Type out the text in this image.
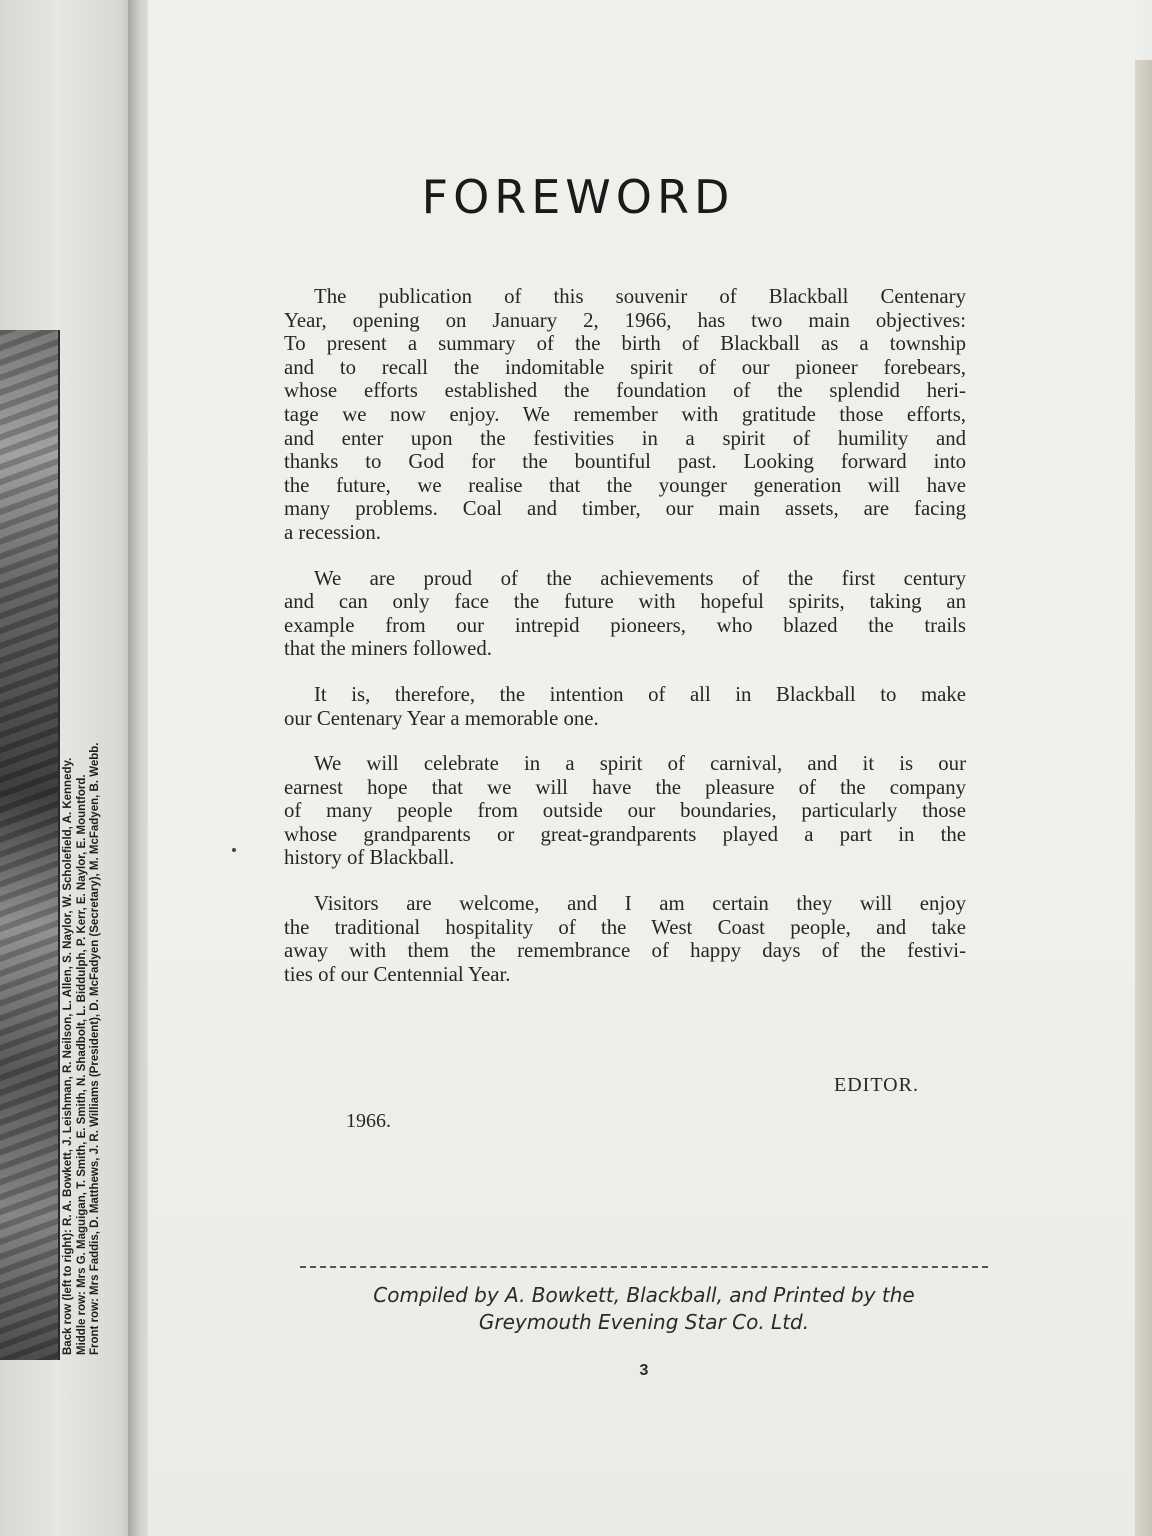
Back row (left to right): R. A. Bowkett, J. Leishman, R. Neilson, L. Allen, S. Naylor, W. Scholefield, A. Kennedy. Middle row: Mrs G. Maguigan, T. Smith, E. Smith, N. Shadbolt, L. Biddulph, P. Kerr, E. Naylor, E. Mountford. Front row: Mrs Faddis, D. Matthews, J. R. Williams (President), D. McFadyen (Secretary), M. McFadyen, B. Webb.
FOREWORD
The publication of this souvenir of Blackball Centenary
Year, opening on January 2, 1966, has two main objectives:
To present a summary of the birth of Blackball as a township
and to recall the indomitable spirit of our pioneer forebears,
whose efforts established the foundation of the splendid heri-
tage we now enjoy. We remember with gratitude those efforts,
and enter upon the festivities in a spirit of humility and
thanks to God for the bountiful past. Looking forward into
the future, we realise that the younger generation will have
many problems. Coal and timber, our main assets, are facing
a recession.
We are proud of the achievements of the first century
and can only face the future with hopeful spirits, taking an
example from our intrepid pioneers, who blazed the trails
that the miners followed.
It is, therefore, the intention of all in Blackball to make
our Centenary Year a memorable one.
We will celebrate in a spirit of carnival, and it is our
earnest hope that we will have the pleasure of the company
of many people from outside our boundaries, particularly those
whose grandparents or great-grandparents played a part in the
history of Blackball.
Visitors are welcome, and I am certain they will enjoy
the traditional hospitality of the West Coast people, and take
away with them the remembrance of happy days of the festivi-
ties of our Centennial Year.
EDITOR.
1966.
Compiled by A. Bowkett, Blackball, and Printed by the
Greymouth Evening Star Co. Ltd.
3
